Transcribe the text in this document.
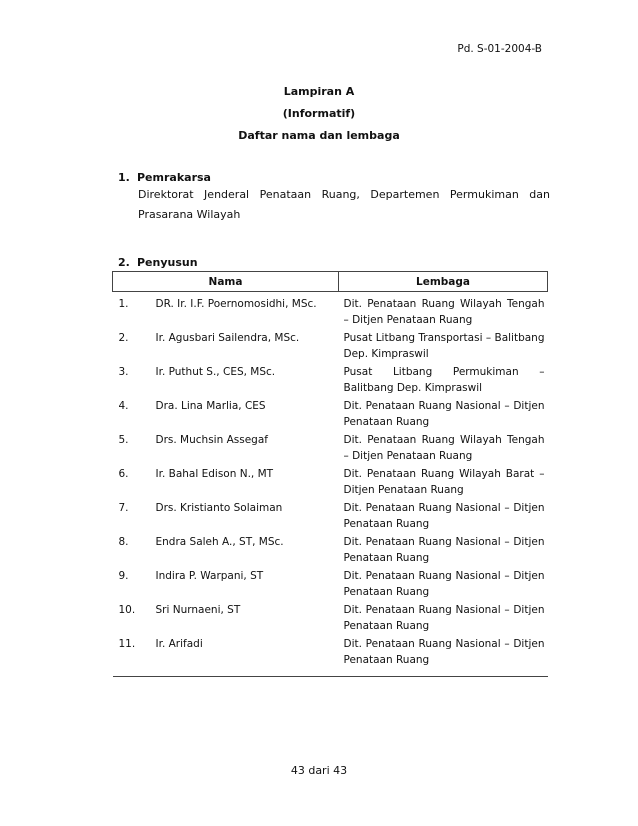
Pd. S-01-2004-B
Lampiran A
(Informatif)
Daftar nama dan lembaga
1. Pemrakarsa
Direktorat Jenderal Penataan Ruang, Departemen Permukiman dan Prasarana Wilayah
2. Penyusun
Nama		Lembaga
1.	DR. Ir. I.F. Poernomosidhi, MSc.	Dit. Penataan Ruang Wilayah Tengah – Ditjen Penataan Ruang
2.	Ir. Agusbari Sailendra, MSc.	Pusat Litbang Transportasi – Balitbang Dep. Kimpraswil
3.	Ir. Puthut S., CES, MSc.	Pusat Litbang Permukiman – Balitbang Dep. Kimpraswil
4.	Dra. Lina Marlia, CES	Dit. Penataan Ruang Nasional – Ditjen Penataan Ruang
5.	Drs. Muchsin Assegaf	Dit. Penataan Ruang Wilayah Tengah – Ditjen Penataan Ruang
6.	Ir. Bahal Edison N., MT	Dit. Penataan Ruang Wilayah Barat – Ditjen Penataan Ruang
7.	Drs. Kristianto Solaiman	Dit. Penataan Ruang Nasional – Ditjen Penataan Ruang
8.	Endra Saleh A., ST, MSc.	Dit. Penataan Ruang Nasional – Ditjen Penataan Ruang
9.	Indira P. Warpani, ST	Dit. Penataan Ruang Nasional – Ditjen Penataan Ruang
10.	Sri Nurnaeni, ST	Dit. Penataan Ruang Nasional – Ditjen Penataan Ruang
11.	Ir. Arifadi	Dit. Penataan Ruang Nasional – Ditjen Penataan Ruang
43 dari 43
